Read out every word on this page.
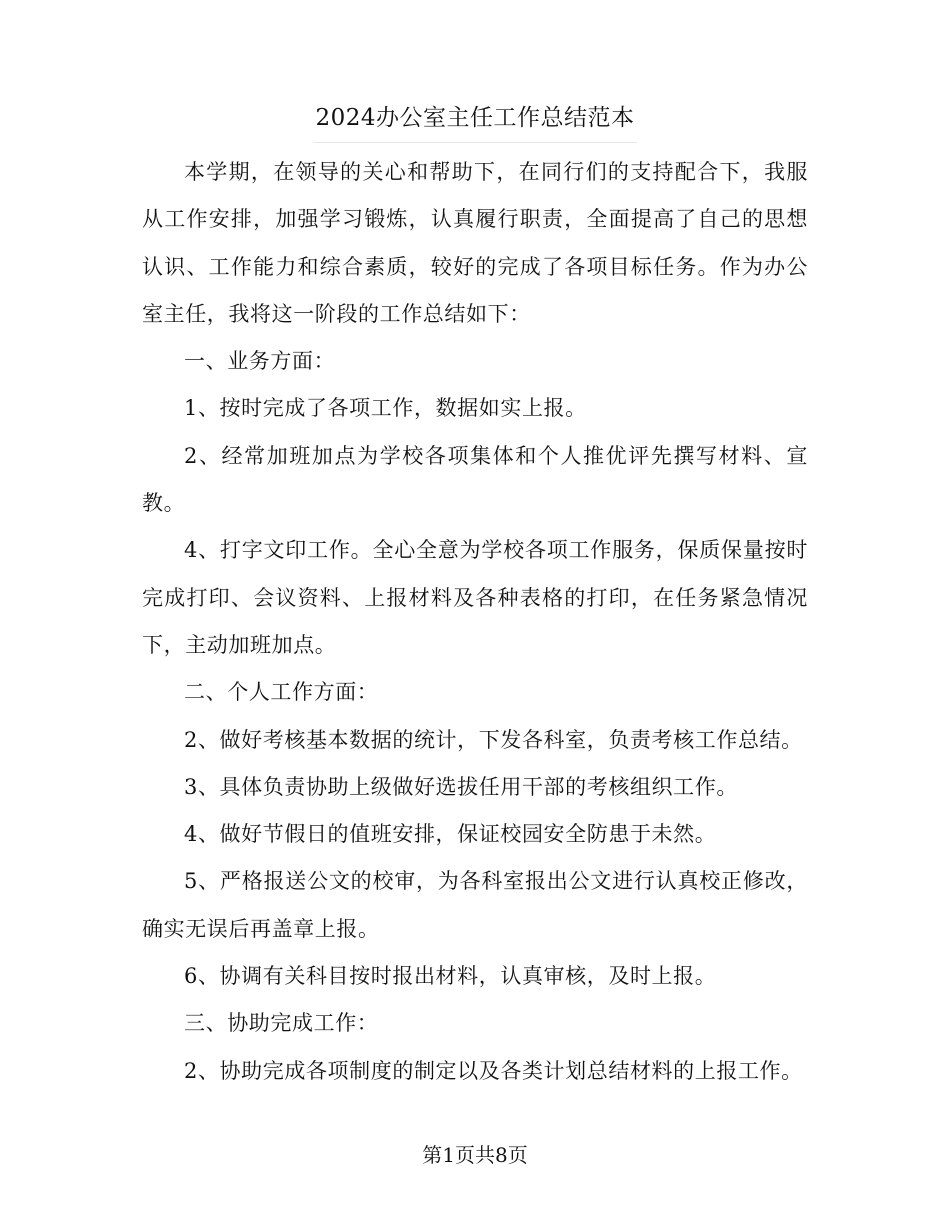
2024办公室主任工作总结范本

本学期，在领导的关心和帮助下，在同行们的支持配合下，我服从工作安排，加强学习锻炼，认真履行职责，全面提高了自己的思想认识、工作能力和综合素质，较好的完成了各项目标任务。作为办公室主任，我将这一阶段的工作总结如下：

一、业务方面：

1、按时完成了各项工作，数据如实上报。

2、经常加班加点为学校各项集体和个人推优评先撰写材料、宣教。

4、打字文印工作。全心全意为学校各项工作服务，保质保量按时完成打印、会议资料、上报材料及各种表格的打印，在任务紧急情况下，主动加班加点。

二、个人工作方面：

2、做好考核基本数据的统计，下发各科室，负责考核工作总结。

3、具体负责协助上级做好选拔任用干部的考核组织工作。

4、做好节假日的值班安排，保证校园安全防患于未然。

5、严格报送公文的校审，为各科室报出公文进行认真校正修改，确实无误后再盖章上报。

6、协调有关科目按时报出材料，认真审核，及时上报。

三、协助完成工作：

2、协助完成各项制度的制定以及各类计划总结材料的上报工作。

第1页共8页
